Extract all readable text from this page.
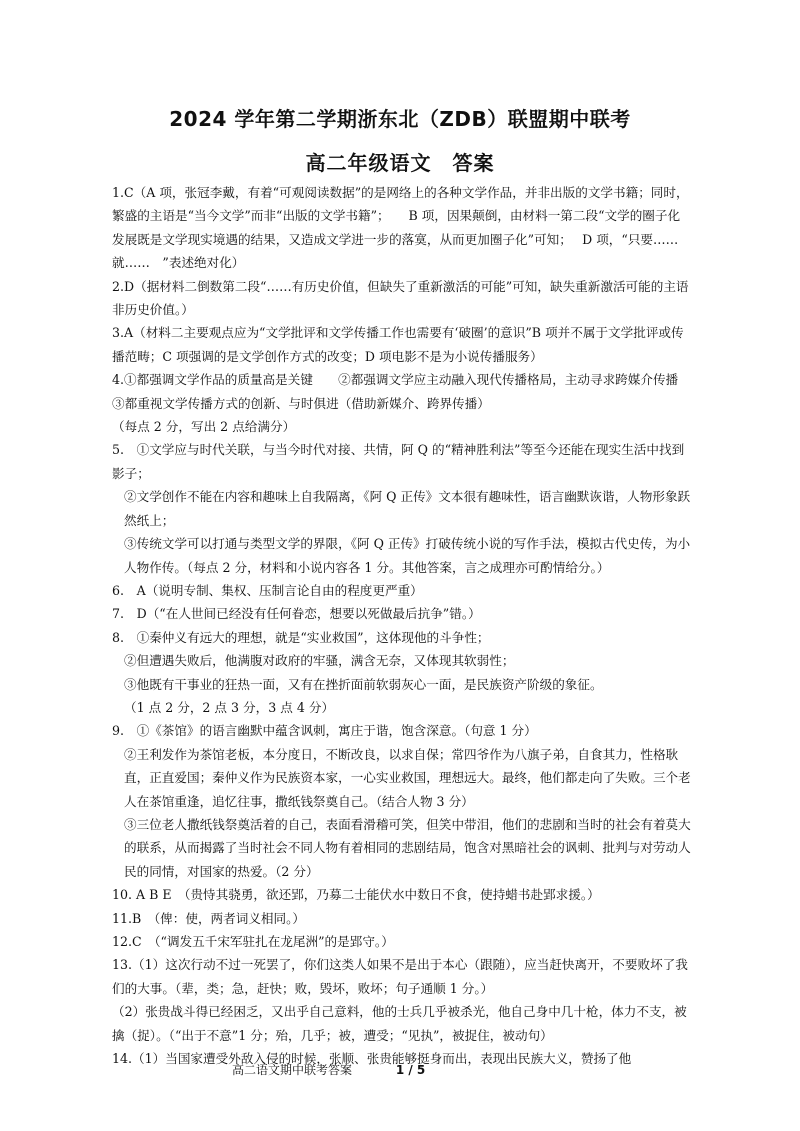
2024 学年第二学期浙东北（ZDB）联盟期中联考
高二年级语文　答案

1.C（A 项，张冠李戴，有着“可观阅读数据”的是网络上的各种文学作品，并非出版的文学书籍；同时，繁盛的主语是“当今文学”而非“出版的文学书籍”；　　B 项，因果颠倒，由材料一第二段“文学的圈子化发展既是文学现实境遇的结果，又造成文学进一步的落寞，从而更加圈子化”可知；　 D 项，“只要……就……　”表述绝对化）

2.D（据材料二倒数第二段“……有历史价值，但缺失了重新激活的可能”可知，缺失重新激活可能的主语非历史价值。）

3.A（材料二主要观点应为“文学批评和文学传播工作也需要有‘破圈’的意识”B 项并不属于文学批评或传播范畴；C 项强调的是文学创作方式的改变；D 项电影不是为小说传播服务）

4.①都强调文学作品的质量高是关键　　②都强调文学应主动融入现代传播格局，主动寻求跨媒介传播　　③都重视文学传播方式的创新、与时俱进（借助新媒介、跨界传播）

（每点 2 分，写出 2 点给满分）

5.　①文学应与时代关联，与当今时代对接、共情，阿 Q 的“精神胜利法”等至今还能在现实生活中找到影子；

②文学创作不能在内容和趣味上自我隔离，《阿 Q 正传》文本很有趣味性，语言幽默诙谐，人物形象跃然纸上；

③传统文学可以打通与类型文学的界限，《阿 Q 正传》打破传统小说的写作手法，模拟古代史传，为小人物作传。（每点 2 分，材料和小说内容各 1 分。其他答案，言之成理亦可酌情给分。）

6.　A（说明专制、集权、压制言论自由的程度更严重）

7.　D（“在人世间已经没有任何眷恋，想要以死做最后抗争”错。）

8.　①秦仲义有远大的理想，就是“实业救国”，这体现他的斗争性；

②但遭遇失败后，他满腹对政府的牢骚，满含无奈，又体现其软弱性；

③他既有干事业的狂热一面，又有在挫折面前软弱灰心一面，是民族资产阶级的象征。

（1 点 2 分，2 点 3 分，3 点 4 分）

9.　①《茶馆》的语言幽默中蕴含讽刺，寓庄于谐，饱含深意。（句意 1 分）

②王利发作为茶馆老板，本分度日，不断改良，以求自保；常四爷作为八旗子弟，自食其力，性格耿直，正直爱国；秦仲义作为民族资本家，一心实业救国，理想远大。最终，他们都走向了失败。三个老人在茶馆重逢，追忆往事，撒纸钱祭奠自己。（结合人物 3 分）

③三位老人撒纸钱祭奠活着的自己，表面看滑稽可笑，但笑中带泪，他们的悲剧和当时的社会有着莫大的联系，从而揭露了当时社会不同人物有着相同的悲剧结局，饱含对黑暗社会的讽刺、批判与对劳动人民的同情，对国家的热爱。（2 分）

10. A B E　（贵恃其骁勇，欲还郢，乃募二士能伏水中数日不食，使持蜡书赴郢求援。）

11.B　（俾：使，两者词义相同。）

12.C　（“调发五千宋军驻扎在龙尾洲”的是郢守。）

13.（1）这次行动不过一死罢了，你们这类人如果不是出于本心（跟随），应当赶快离开，不要败坏了我们的大事。（辈，类；急，赶快；败，毁坏，败坏；句子通顺 1 分。）

（2）张贵战斗得已经困乏，又出乎自己意料，他的士兵几乎被杀光，他自己身中几十枪，体力不支，被擒（捉）。（“出于不意”1 分；殆，几乎；被，遭受；“见执”，被捉住，被动句）

14.（1）当国家遭受外敌入侵的时候，张顺、张贵能够挺身而出，表现出民族大义，赞扬了他

高二语文期中联考答案	1 / 5
